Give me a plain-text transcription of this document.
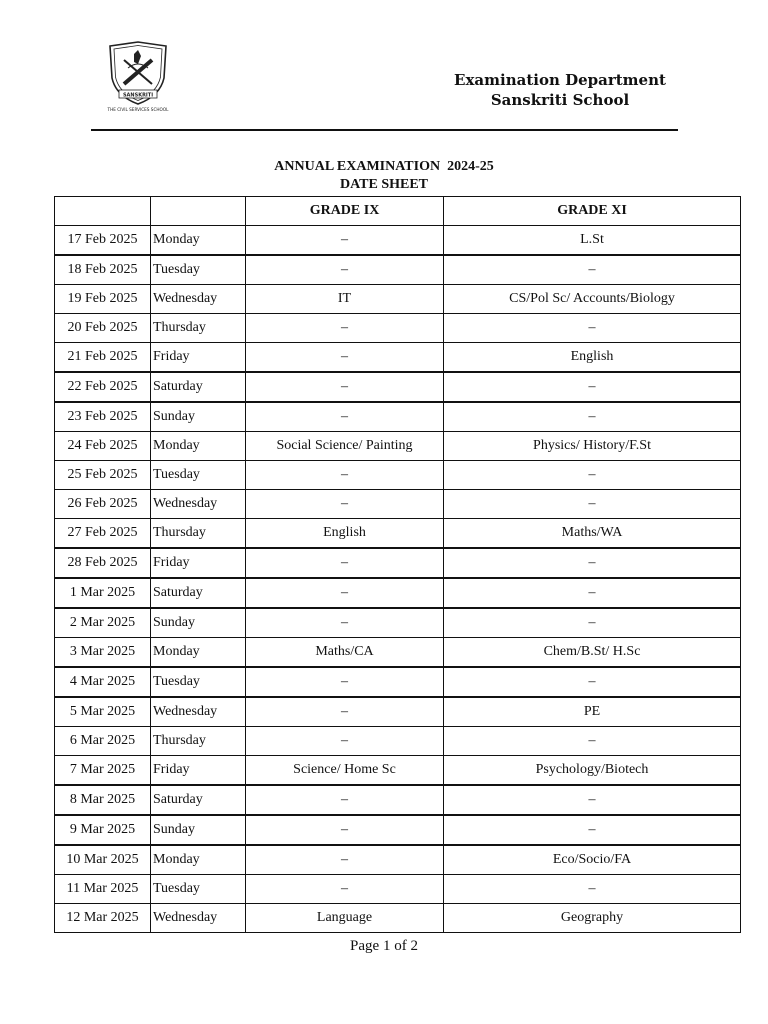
SANSKRITI
THE CIVIL SERVICES SCHOOL
Examination Department
Sanskriti School
ANNUAL EXAMINATION  2024-25
DATE SHEET
		GRADE IX	GRADE XI
17 Feb 2025	Monday	–	L.St
18 Feb 2025	Tuesday	–	–
19 Feb 2025	Wednesday	IT	CS/Pol Sc/ Accounts/Biology
20 Feb 2025	Thursday	–	–
21 Feb 2025	Friday	–	English
22 Feb 2025	Saturday	–	–
23 Feb 2025	Sunday	–	–
24 Feb 2025	Monday	Social Science/ Painting	Physics/ History/F.St
25 Feb 2025	Tuesday	–	–
26 Feb 2025	Wednesday	–	–
27 Feb 2025	Thursday	English	Maths/WA
28 Feb 2025	Friday	–	–
1 Mar 2025	Saturday	–	–
2 Mar 2025	Sunday	–	–
3 Mar 2025	Monday	Maths/CA	Chem/B.St/ H.Sc
4 Mar 2025	Tuesday	–	–
5 Mar 2025	Wednesday	–	PE
6 Mar 2025	Thursday	–	–
7 Mar 2025	Friday	Science/ Home Sc	Psychology/Biotech
8 Mar 2025	Saturday	–	–
9 Mar 2025	Sunday	–	–
10 Mar 2025	Monday	–	Eco/Socio/FA
11 Mar 2025	Tuesday	–	–
12 Mar 2025	Wednesday	Language	Geography
Page 1 of 2
